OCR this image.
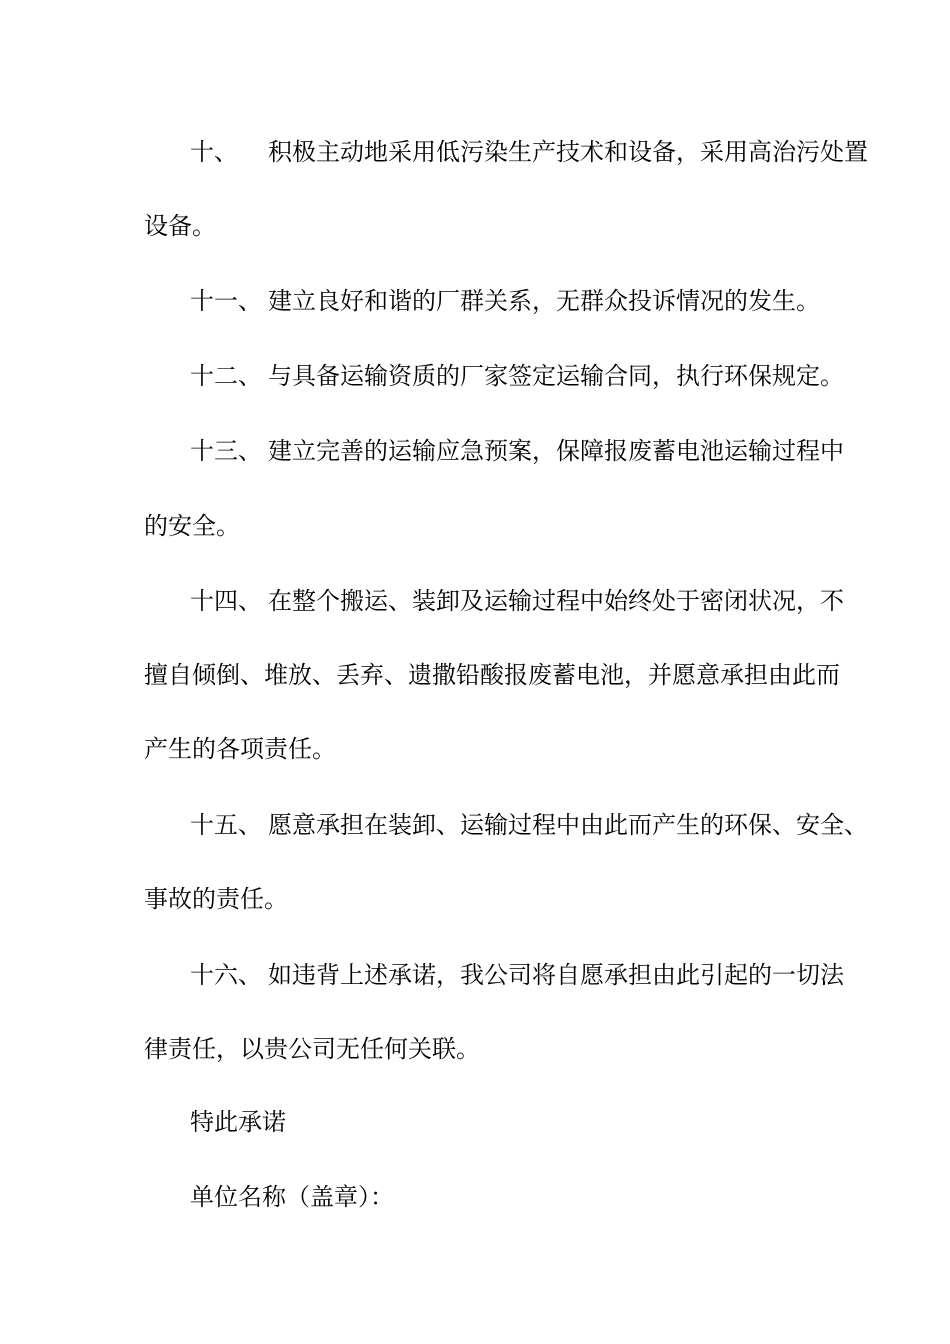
十、 积极主动地采用低污染生产技术和设备，采用高治污处置
设备。
十一、 建立良好和谐的厂群关系，无群众投诉情况的发生。
十二、 与具备运输资质的厂家签定运输合同，执行环保规定。
十三、 建立完善的运输应急预案，保障报废蓄电池运输过程中
的安全。
十四、 在整个搬运、装卸及运输过程中始终处于密闭状况，不
擅自倾倒、堆放、丢弃、遗撒铅酸报废蓄电池，并愿意承担由此而
产生的各项责任。
十五、 愿意承担在装卸、运输过程中由此而产生的环保、安全、
事故的责任。
十六、 如违背上述承诺，我公司将自愿承担由此引起的一切法
律责任，以贵公司无任何关联。
特此承诺
单位名称（盖章）：
